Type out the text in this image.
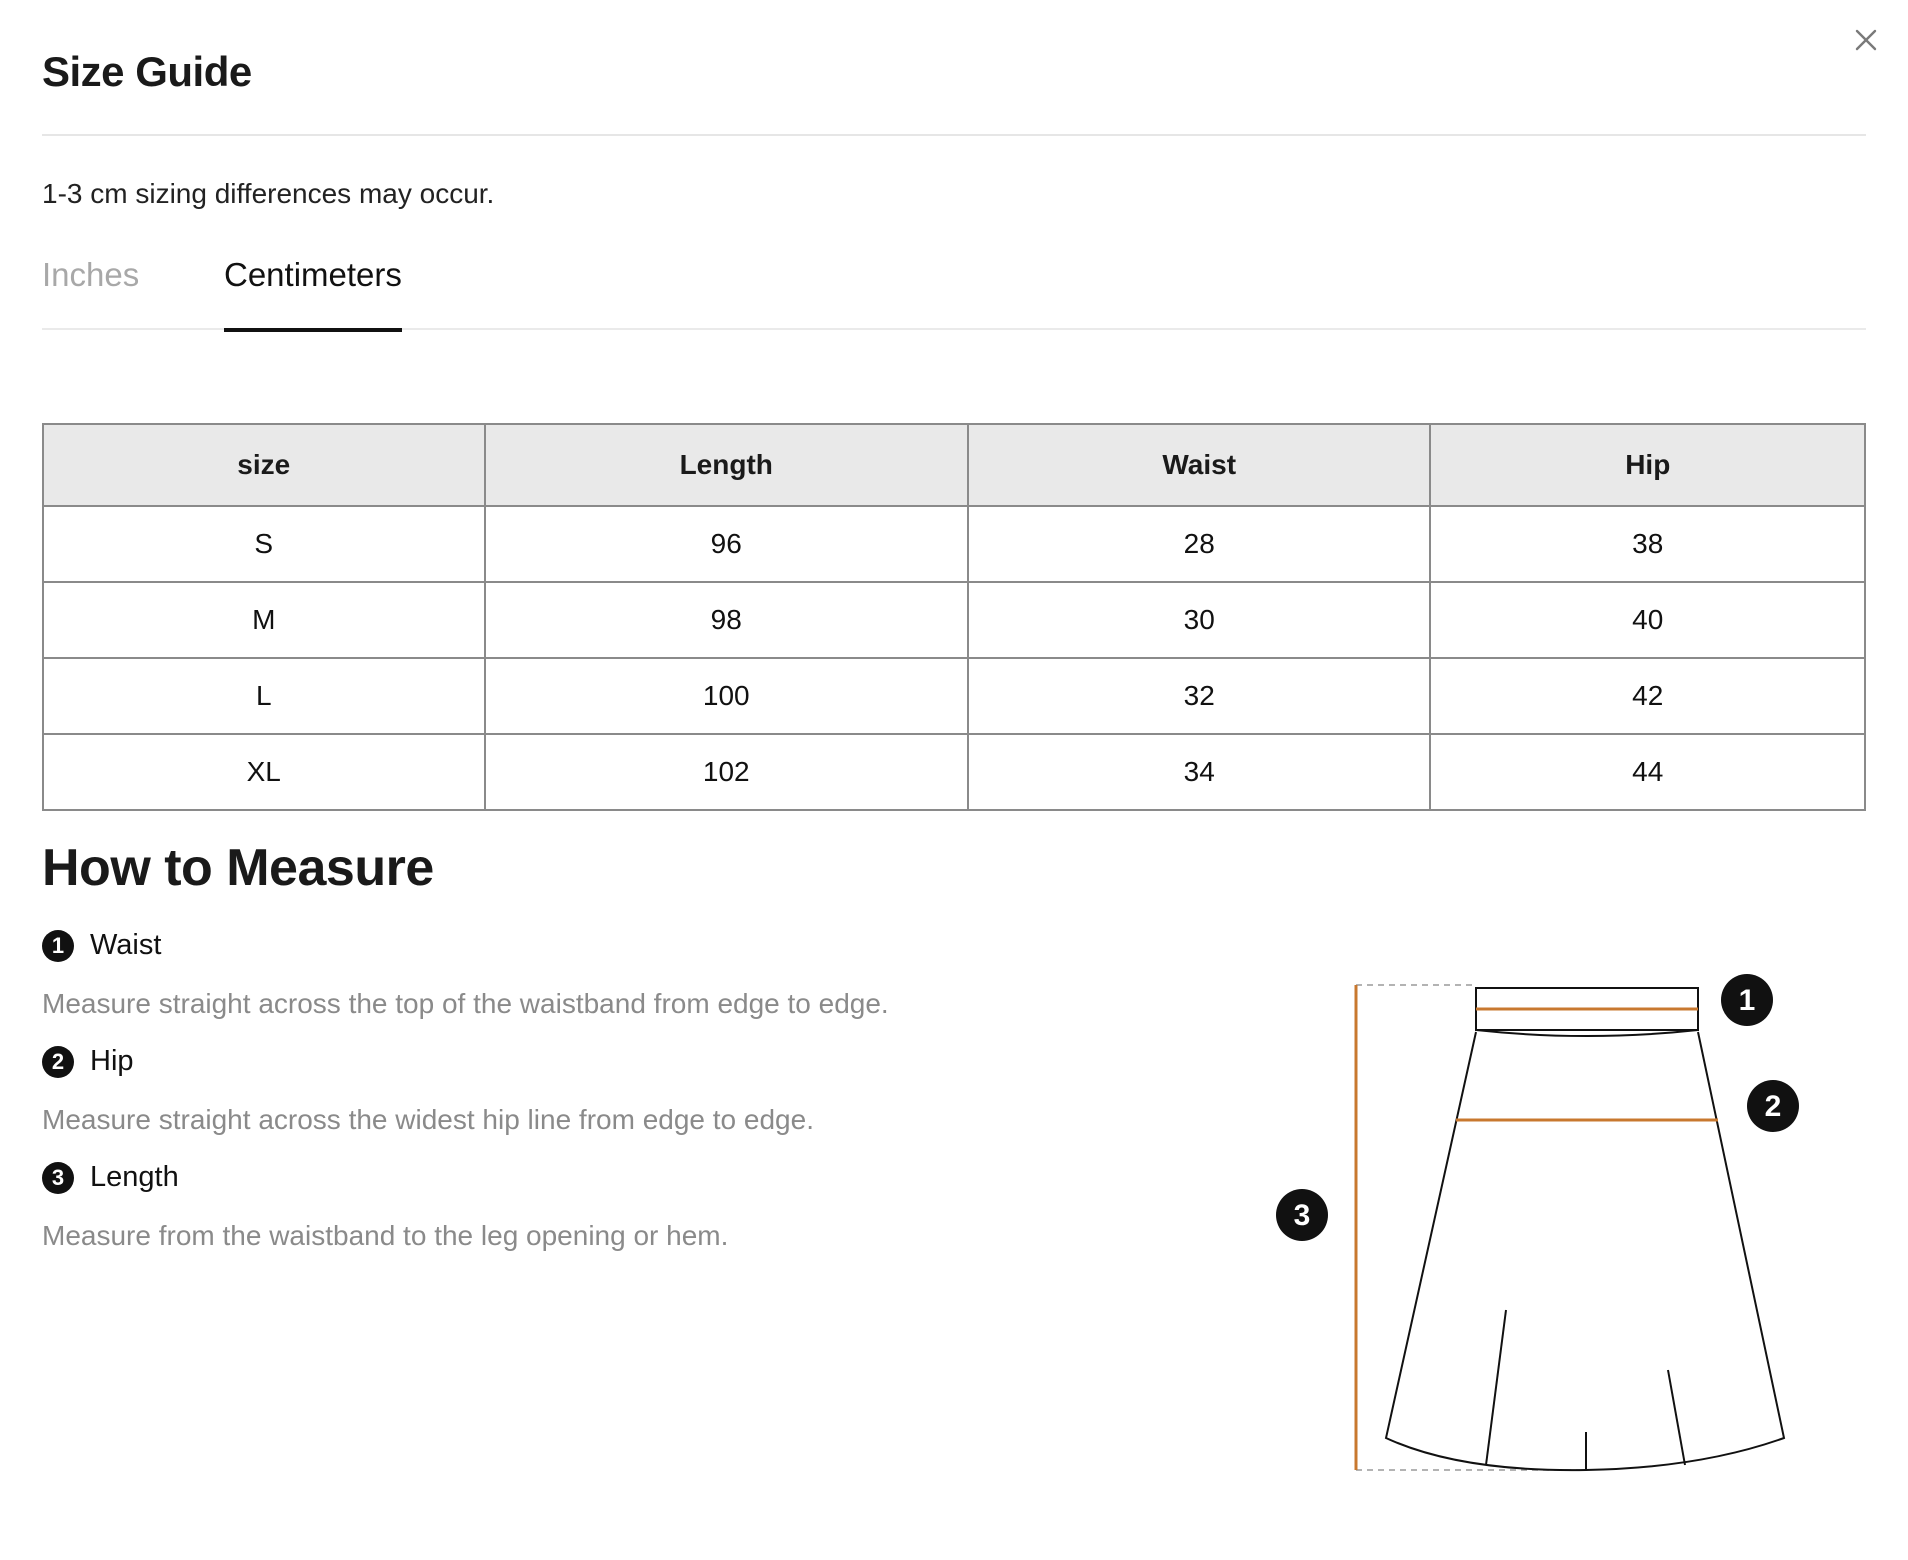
Size Guide
1-3 cm sizing differences may occur.
Inches	Centimeters
size	Length	Waist	Hip
S	96	28	38
M	98	30	40
L	100	32	42
XL	102	34	44
How to Measure
1 Waist
Measure straight across the top of the waistband from edge to edge.
2 Hip
Measure straight across the widest hip line from edge to edge.
3 Length
Measure from the waistband to the leg opening or hem.
1
2
3
